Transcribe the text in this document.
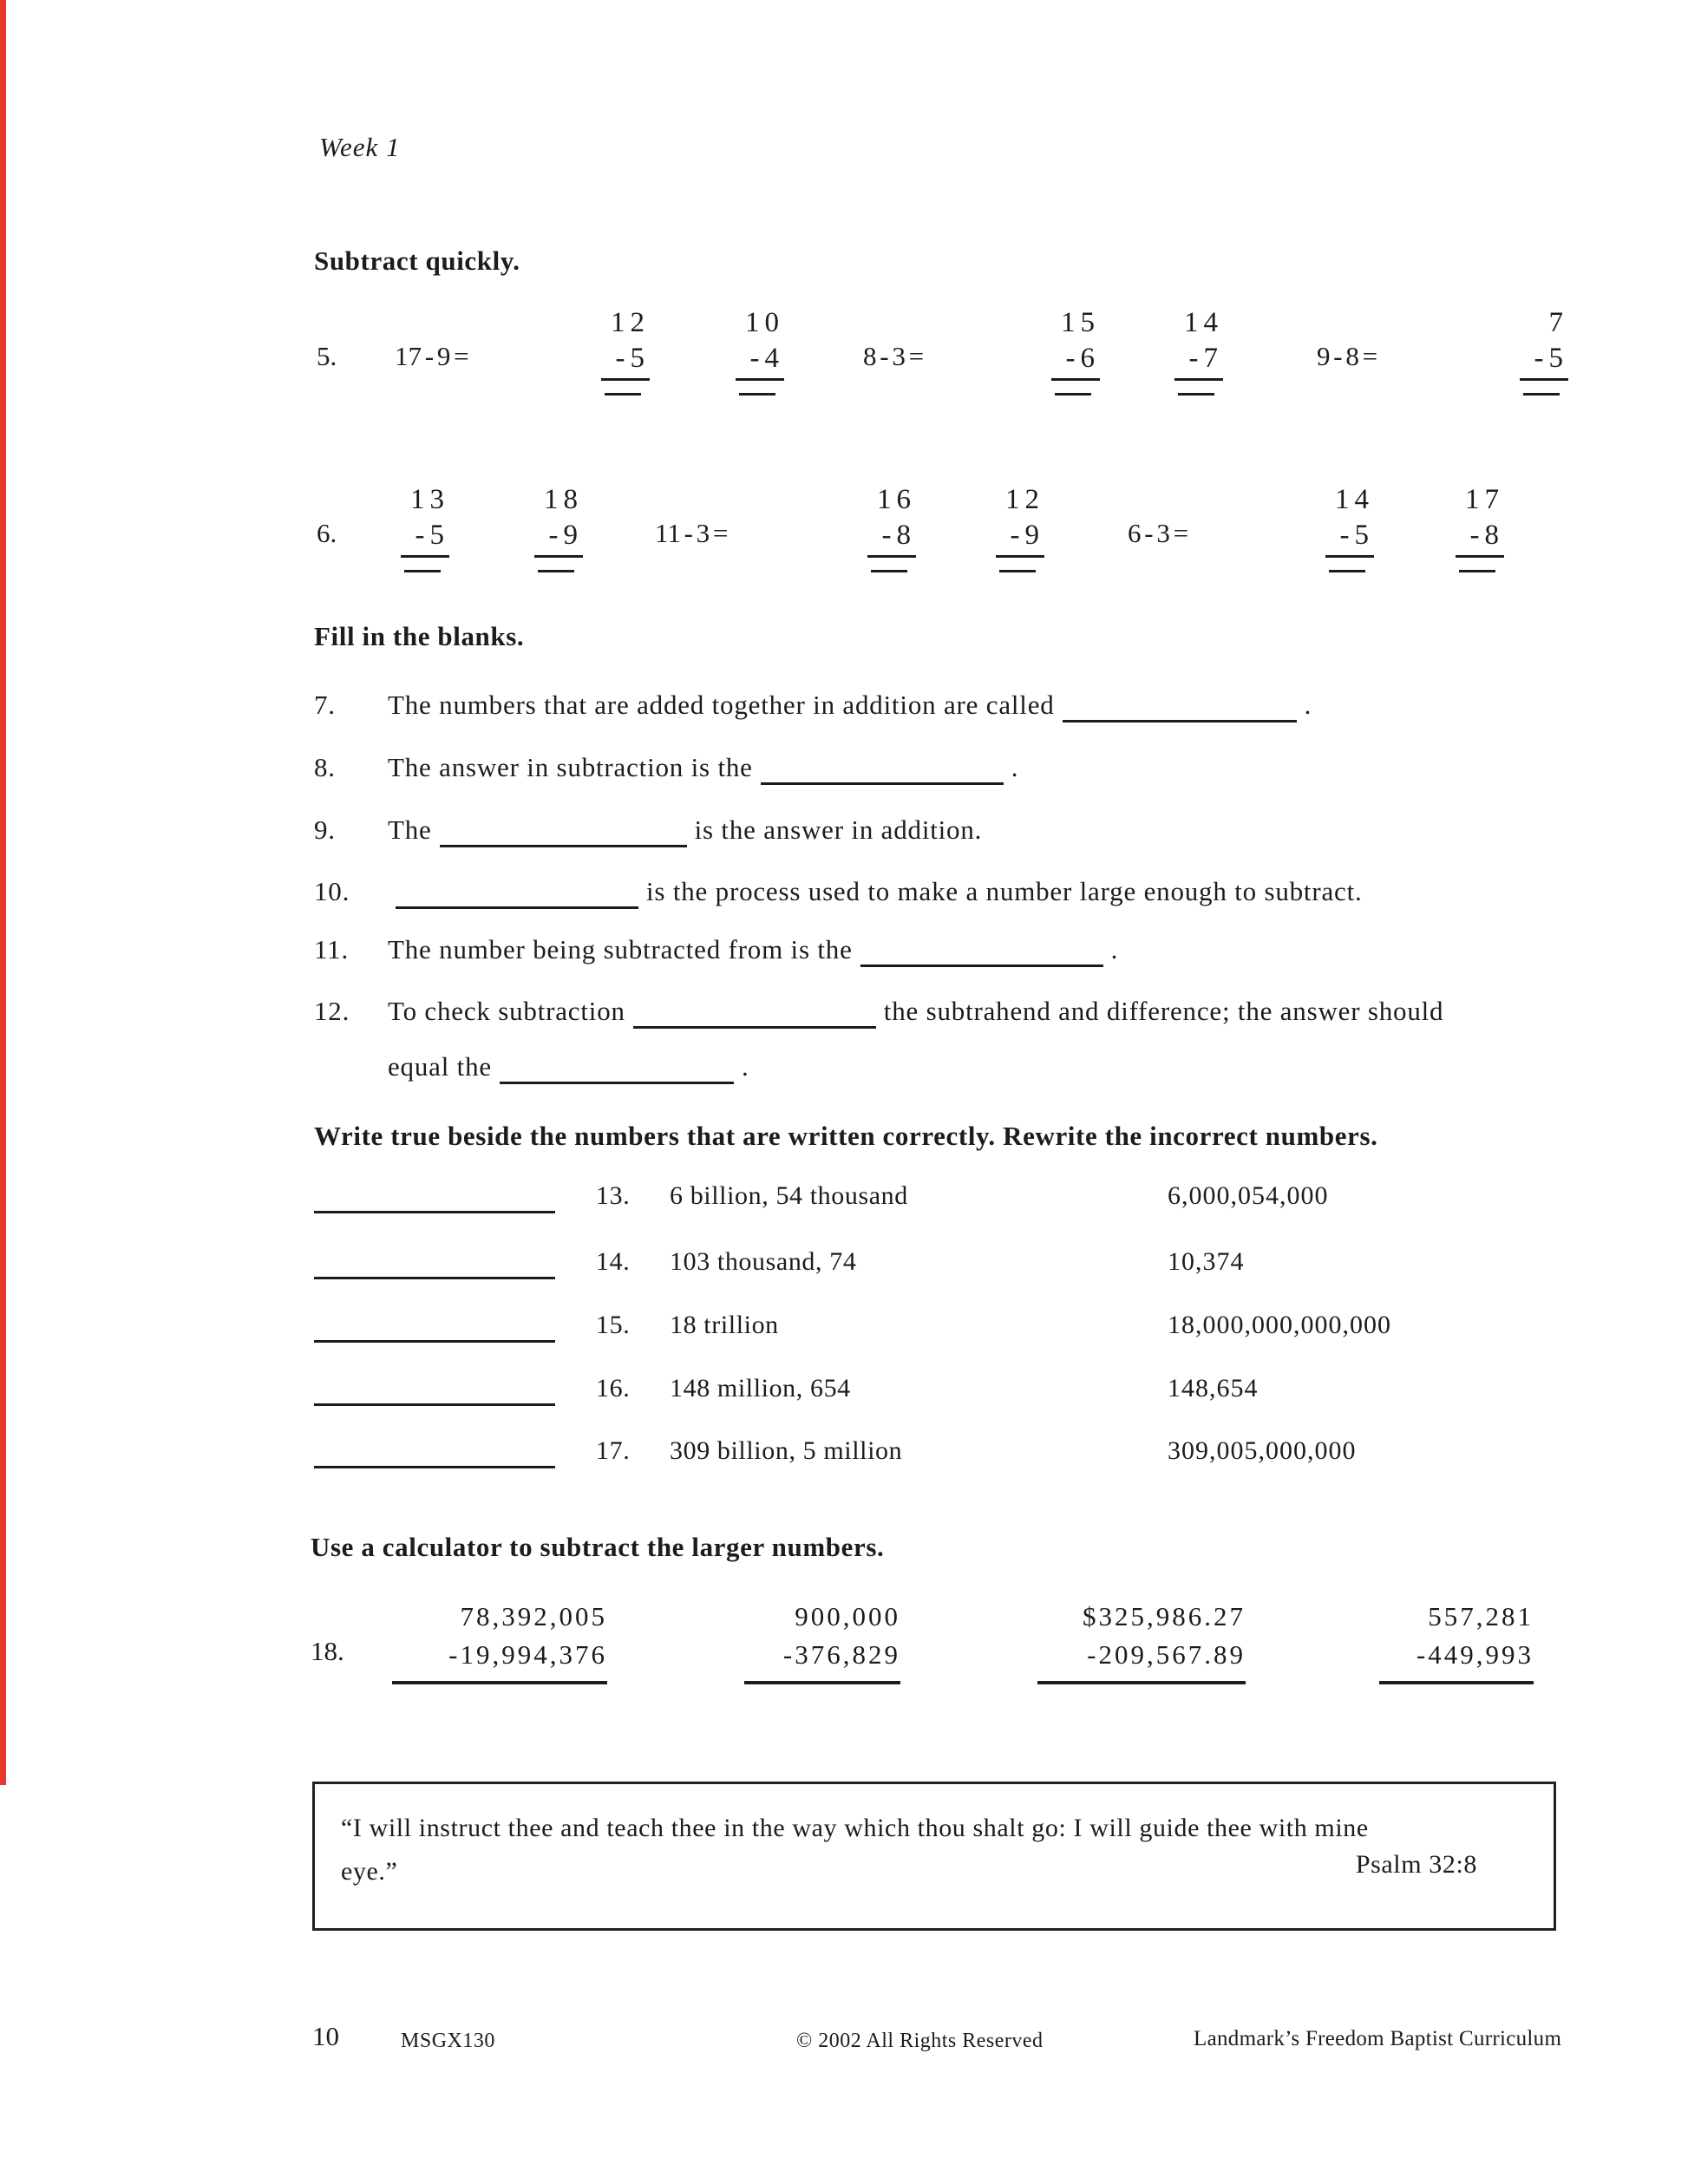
Week 1
Subtract quickly.
5. 17 - 9 =
12
-5
10
-4	8 - 3 =
15
-6
14
-7	9 - 8 =
7
-5
6.
13
-5
18
-9	11 - 3 =
16
-8
12
-9	6 - 3 =
14
-5
17
-8
Fill in the blanks.
7. The numbers that are added together in addition are called	.
8. The answer in subtraction is the	.
9. The	is the answer in addition.
10.	is the process used to make a number large enough to subtract.
11. The number being subtracted from is the	.
12. To check subtraction	the subtrahend and difference; the answer should
equal the	.
Write true beside the numbers that are written correctly. Rewrite the incorrect numbers.
13. 6 billion, 54 thousand	6,000,054,000
14. 103 thousand, 74	10,374
15. 18 trillion	18,000,000,000,000
16. 148 million, 654	148,654
17. 309 billion, 5 million	309,005,000,000
Use a calculator to subtract the larger numbers.
18.
78,392,005
-19,994,376
900,000
-376,829
$325,986.27
-209,567.89
557,281
-449,993
“I will instruct thee and teach thee in the way which thou shalt go: I will guide thee with mine
eye.”	Psalm 32:8
10	MSGX130	© 2002 All Rights Reserved	Landmark’s Freedom Baptist Curriculum
